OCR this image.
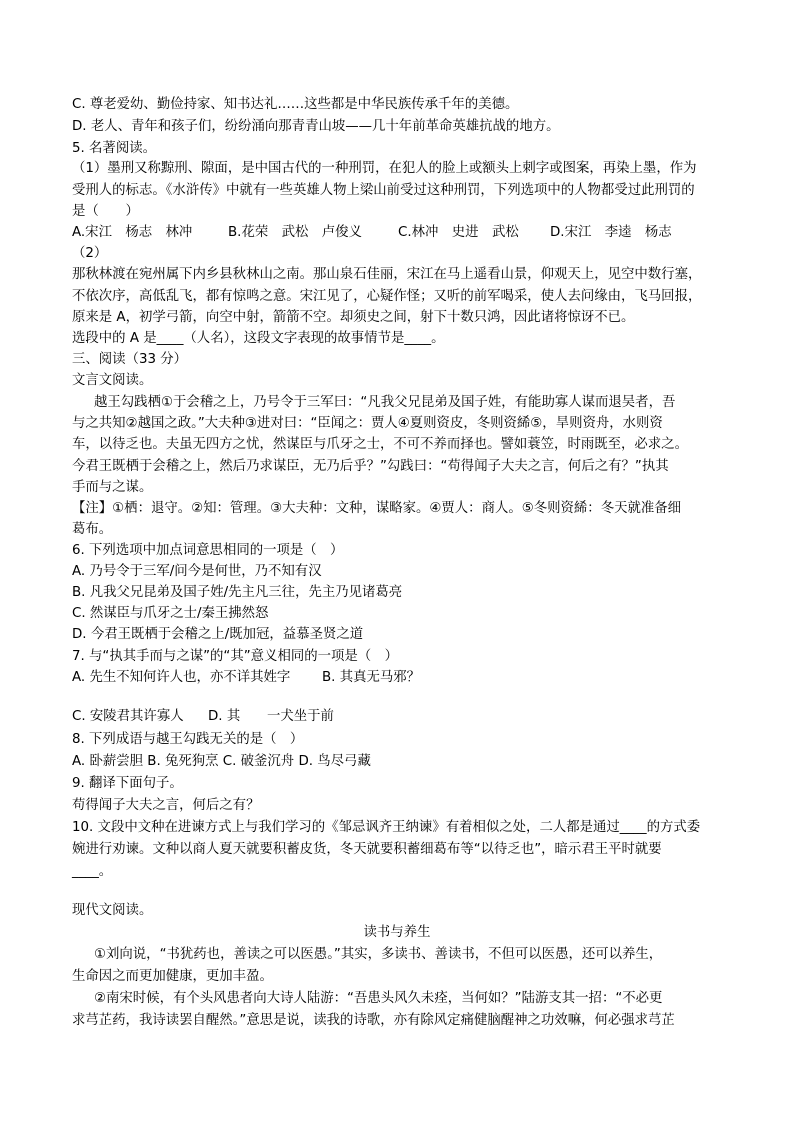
C. 尊老爱幼、勤俭持家、知书达礼……这些都是中华民族传承千年的美德。
D. 老人、青年和孩子们，纷纷涌向那青青山坡——几十年前革命英雄抗战的地方。
5. 名著阅读。
（1）墨刑又称黥刑、隙面，是中国古代的一种刑罚，在犯人的脸上或额头上刺字或图案，再染上墨，作为
受刑人的标志。《水浒传》中就有一些英雄人物上梁山前受过这种刑罚，下列选项中的人物都受过此刑罚的
是（　　）
A.宋江　杨志　林冲	B.花荣　武松　卢俊义	C.林冲　史进　武松 D.宋江　李逵　杨志
（2）
那秋林渡在宛州属下内乡县秋林山之南。那山泉石佳丽，宋江在马上遥看山景，仰观天上，见空中数行塞，
不依次序，高低乱飞，都有惊鸣之意。宋江见了，心疑作怪；又听的前军喝采，使人去问缘由，飞马回报，
原来是 A，初学弓箭，向空中射，箭箭不空。却须史之间，射下十数只鸿，因此诸将惊讶不已。
选段中的 A 是____（人名），这段文字表现的故事情节是____。
三、阅读（33 分）
文言文阅读。
越王勾践栖①于会稽之上，乃号令于三军曰：“凡我父兄昆弟及国子姓，有能助寡人谋而退吴者，吾
与之共知②越国之政。”大夫种③进对曰：“臣闻之：贾人④夏则资皮，冬则资絺⑤，旱则资舟，水则资
车，以待乏也。夫虽无四方之忧，然谋臣与爪牙之士，不可不养而择也。譬如蓑笠，时雨既至，必求之。
今君王既栖于会稽之上，然后乃求谋臣，无乃后乎？”勾践曰：“苟得闻子大夫之言，何后之有？”执其
手而与之谋。
【注】①栖：退守。②知：管理。③大夫种：文种，谋略家。④贾人：商人。⑤冬则资絺：冬天就准备细
葛布。
6. 下列选项中加点词意思相同的一项是（　）
A. 乃号令于三军/问今是何世，乃不知有汉
B. 凡我父兄昆弟及国子姓/先主凡三往，先主乃见诸葛亮
C. 然谋臣与爪牙之士/秦王拂然怒
D. 今君王既栖于会稽之上/既加冠，益慕圣贤之道
7. 与“执其手而与之谋”的“其”意义相同的一项是（　）
A. 先生不知何许人也，亦不详其姓字 B. 其真无马邪？
C. 安陵君其许寡人 D. 其　　一犬坐于前
8. 下列成语与越王勾践无关的是（　）
A. 卧薪尝胆 B. 兔死狗烹 C. 破釜沉舟 D. 鸟尽弓藏
9. 翻译下面句子。
苟得闻子大夫之言，何后之有？
10. 文段中文种在进谏方式上与我们学习的《邹忌讽齐王纳谏》有着相似之处，二人都是通过____的方式委
婉进行劝谏。文种以商人夏天就要积蓄皮货，冬天就要积蓄细葛布等“以待乏也”，暗示君王平时就要
____。
现代文阅读。
读书与养生
①刘向说，“书犹药也，善读之可以医愚。”其实，多读书、善读书，不但可以医愚，还可以养生，
生命因之而更加健康，更加丰盈。
②南宋时候，有个头风患者向大诗人陆游：“吾患头风久未痊，当何如？”陆游支其一招：“不必更
求芎芷药，我诗读罢自醒然。”意思是说，读我的诗歌，亦有除风定痛健脑醒神之功效嘛，何必强求芎芷
